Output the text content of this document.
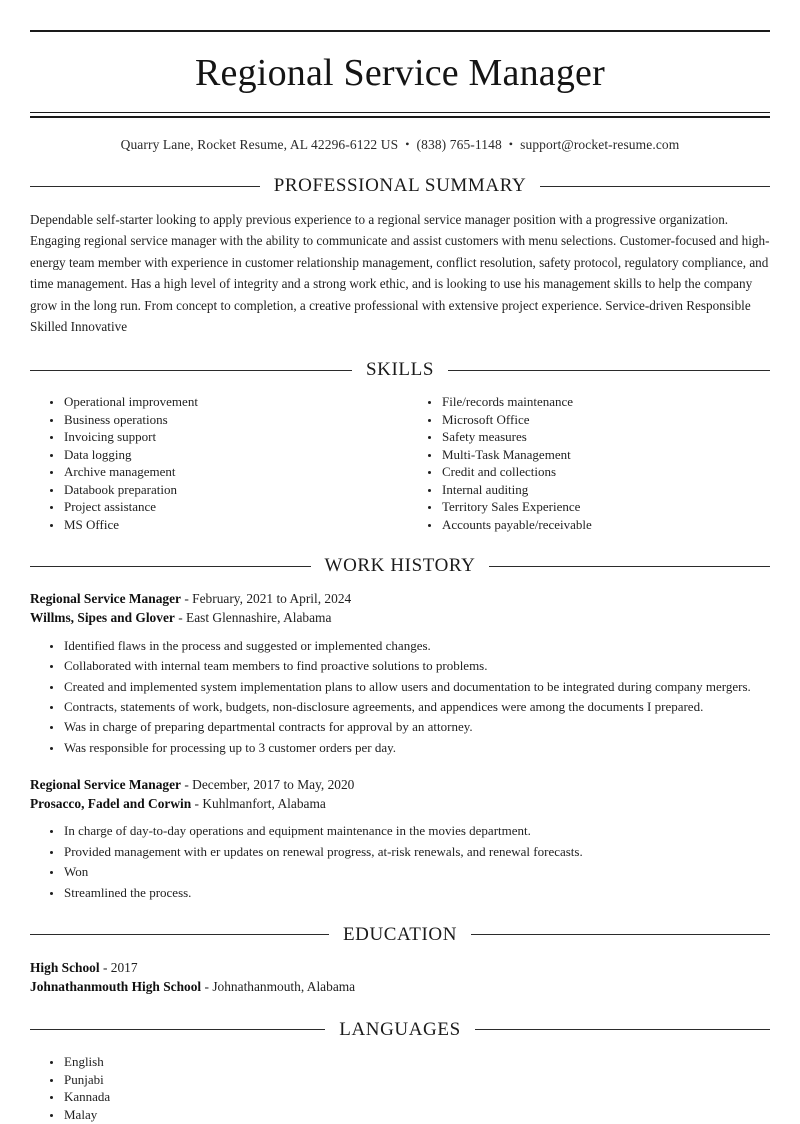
Regional Service Manager
Quarry Lane, Rocket Resume, AL 42296-6122 US • (838) 765-1148 • support@rocket-resume.com
PROFESSIONAL SUMMARY

Dependable self-starter looking to apply previous experience to a regional service manager position with a progressive organization. Engaging regional service manager with the ability to communicate and assist customers with menu selections. Customer-focused and high-energy team member with experience in customer relationship management, conflict resolution, safety protocol, regulatory compliance, and time management. Has a high level of integrity and a strong work ethic, and is looking to use his management skills to help the company grow in the long run. From concept to completion, a creative professional with extensive project experience. Service-driven Responsible Skilled Innovative

SKILLS
Operational improvement
Business operations
Invoicing support
Data logging
Archive management
Databook preparation
Project assistance
MS Office
File/records maintenance
Microsoft Office
Safety measures
Multi-Task Management
Credit and collections
Internal auditing
Territory Sales Experience
Accounts payable/receivable
WORK HISTORY
Regional Service Manager - February, 2021 to April, 2024
Willms, Sipes and Glover - East Glennashire, Alabama
Identified flaws in the process and suggested or implemented changes.
Collaborated with internal team members to find proactive solutions to problems.
Created and implemented system implementation plans to allow users and documentation to be integrated during company mergers.
Contracts, statements of work, budgets, non-disclosure agreements, and appendices were among the documents I prepared.
Was in charge of preparing departmental contracts for approval by an attorney.
Was responsible for processing up to 3 customer orders per day.
Regional Service Manager - December, 2017 to May, 2020
Prosacco, Fadel and Corwin - Kuhlmanfort, Alabama
In charge of day-to-day operations and equipment maintenance in the movies department.
Provided management with er updates on renewal progress, at-risk renewals, and renewal forecasts.
Won
Streamlined the process.
EDUCATION
High School - 2017
Johnathanmouth High School - Johnathanmouth, Alabama
LANGUAGES
English
Punjabi
Kannada
Malay
